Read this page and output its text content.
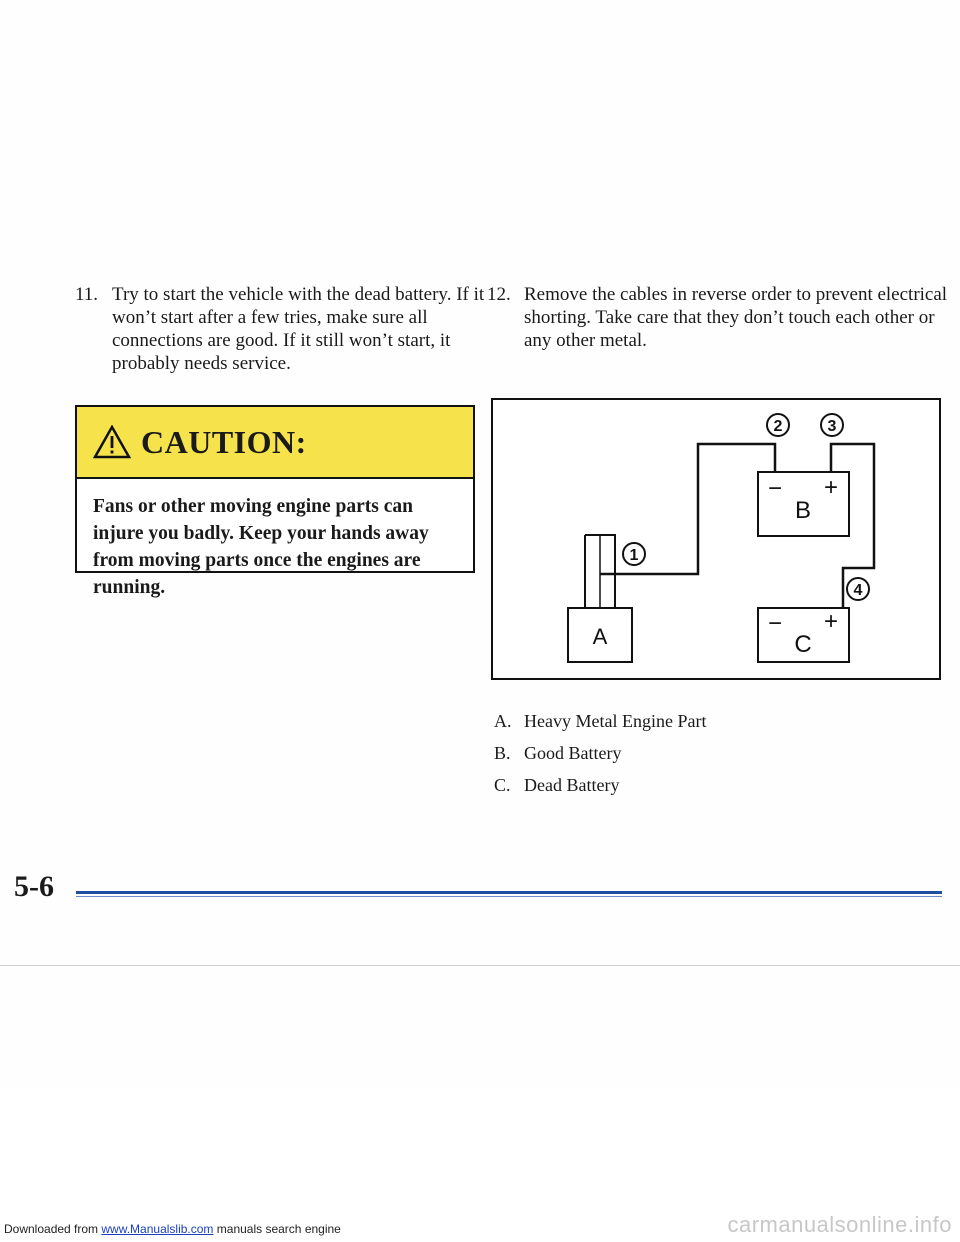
11. Try to start the vehicle with the dead battery. If it won’t start after a few tries, make sure all connections are good. If it still won’t start, it probably needs service.
12. Remove the cables in reverse order to prevent electrical shorting. Take care that they don’t touch each other or any other metal.
CAUTION:
Fans or other moving engine parts can injure you badly. Keep your hands away from moving parts once the engines are running.
A
− +
B
− +
C
1
2	3
4
A. Heavy Metal Engine Part
B. Good Battery
C. Dead Battery
5-6
Downloaded from www.Manualslib.com manuals search engine	carmanualsonline.info
